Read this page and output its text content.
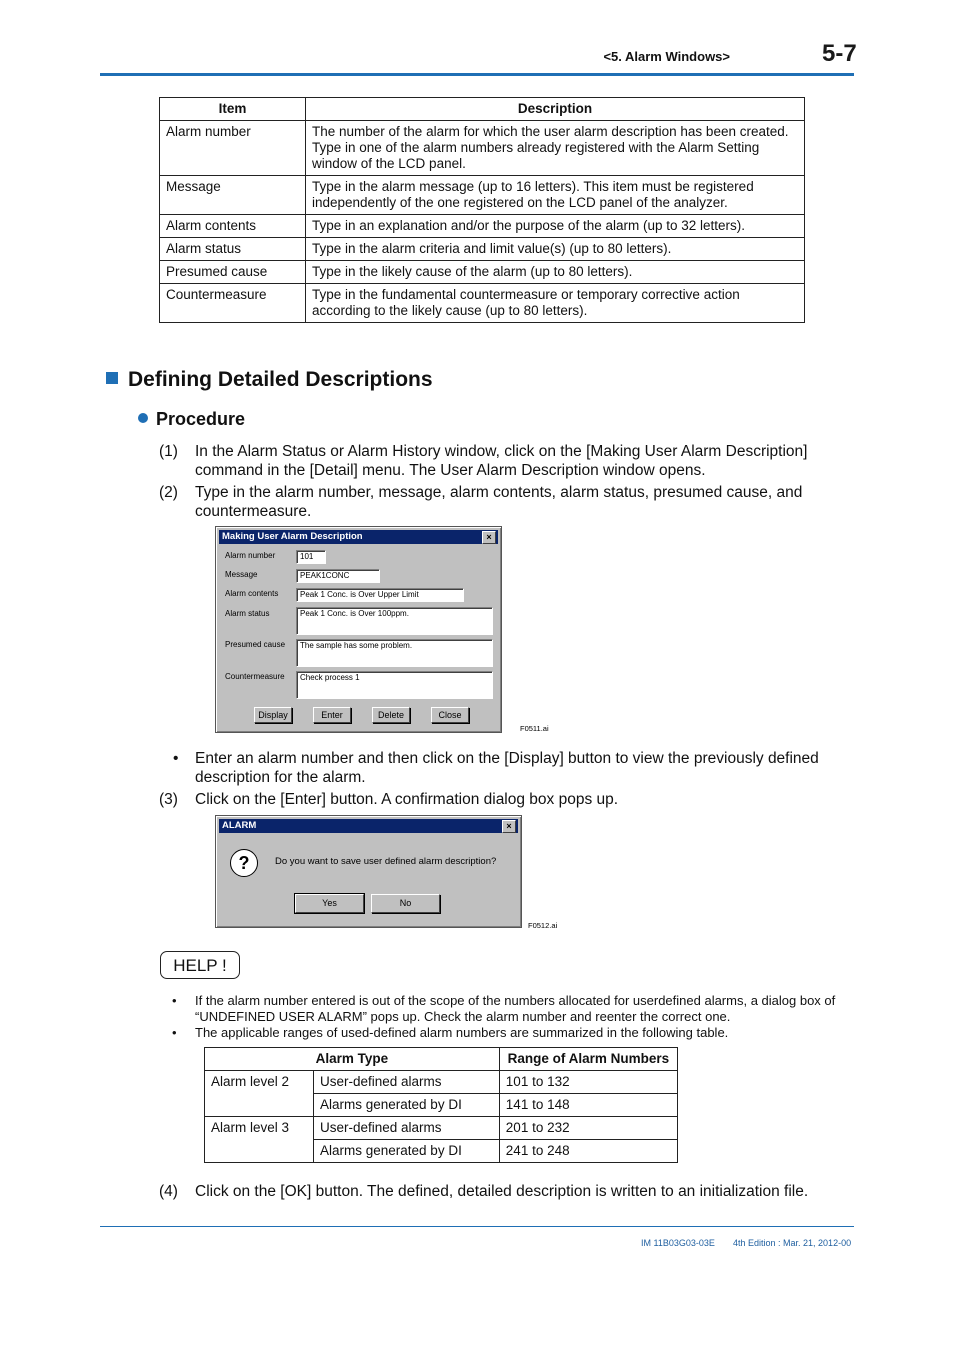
<5. Alarm Windows>	5-7
Item	Description
Alarm number	The number of the alarm for which the user alarm description has been created. Type in one of the alarm numbers already registered with the Alarm Setting window of the LCD panel.
Message	Type in the alarm message (up to 16 letters). This item must be registered independently of the one registered on the LCD panel of the analyzer.
Alarm contents	Type in an explanation and/or the purpose of the alarm (up to 32 letters).
Alarm status	Type in the alarm criteria and limit value(s) (up to 80 letters).
Presumed cause	Type in the likely cause of the alarm (up to 80 letters).
Countermeasure	Type in the fundamental countermeasure or temporary corrective action according to the likely cause (up to 80 letters).
Defining Detailed Descriptions
Procedure
(1) In the Alarm Status or Alarm History window, click on the [Making User Alarm Description] command in the [Detail] menu. The User Alarm Description window opens.
(2) Type in the alarm number, message, alarm contents, alarm status, presumed cause, and countermeasure.
Making User Alarm Description	×
Alarm number	101
Message	PEAK1CONC
Alarm contents	Peak 1 Conc. is Over Upper Limit
Alarm status	Peak 1 Conc. is Over 100ppm.
Presumed cause	The sample has some problem.
Countermeasure	Check process 1
Display	Enter	Delete	Close
F0511.ai
• Enter an alarm number and then click on the [Display] button to view the previously defined description for the alarm.
(3) Click on the [Enter] button. A confirmation dialog box pops up.
ALARM	×
?	Do you want to save user defined alarm description?
Yes	No
F0512.ai
HELP !
• If the alarm number entered is out of the scope of the numbers allocated for userdefined alarms, a dialog box of “UNDEFINED USER ALARM” pops up. Check the alarm number and reenter the correct one.
• The applicable ranges of used-defined alarm numbers are summarized in the following table.
Alarm Type		Range of Alarm Numbers
Alarm level 2	User-defined alarms	101 to 132
	Alarms generated by DI	141 to 148
Alarm level 3	User-defined alarms	201 to 232
	Alarms generated by DI	241 to 248
(4) Click on the [OK] button. The defined, detailed description is written to an initialization file.
IM 11B03G03-03E 4th Edition : Mar. 21, 2012-00
